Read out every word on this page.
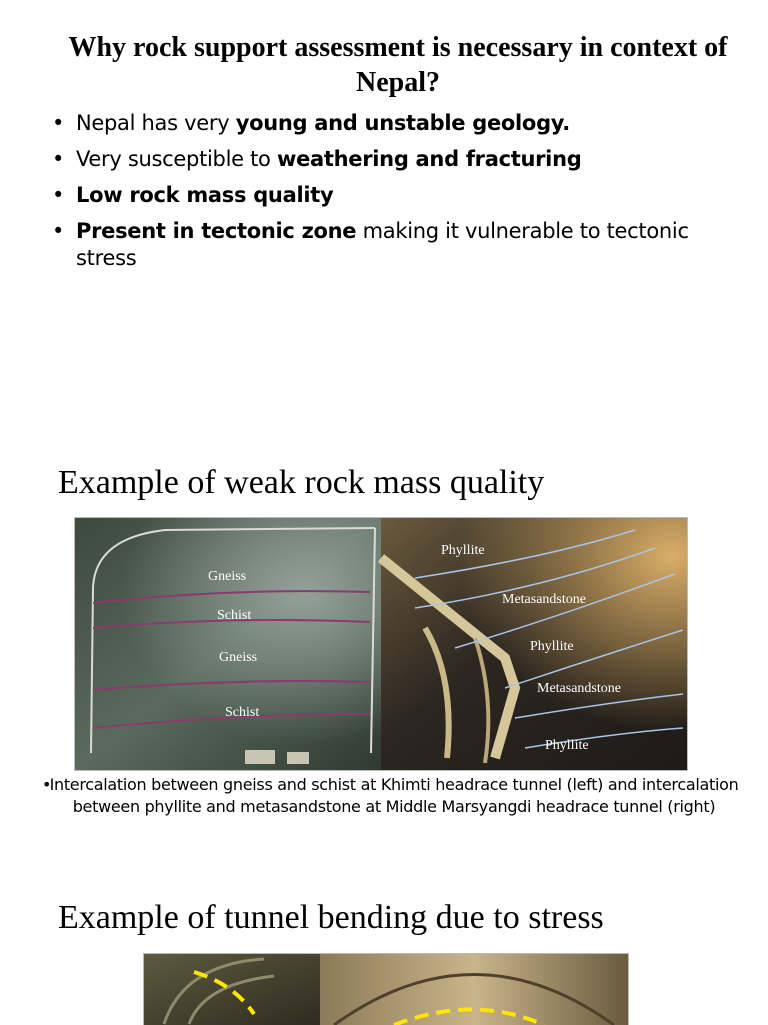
Why rock support assessment is necessary in context of Nepal?
• Nepal has very young and unstable geology.
• Very susceptible to weathering and fracturing
• Low rock mass quality
• Present in tectonic zone making it vulnerable to tectonic stress
Example of weak rock mass quality
Gneiss
Schist
Gneiss
Schist
Phyllite
Metasandstone
Phyllite
Metasandstone
Phyllite
•
Intercalation between gneiss and schist at Khimti headrace tunnel (left) and intercalation between phyllite and metasandstone at Middle Marsyangdi headrace tunnel (right)
Example of tunnel bending due to stress
